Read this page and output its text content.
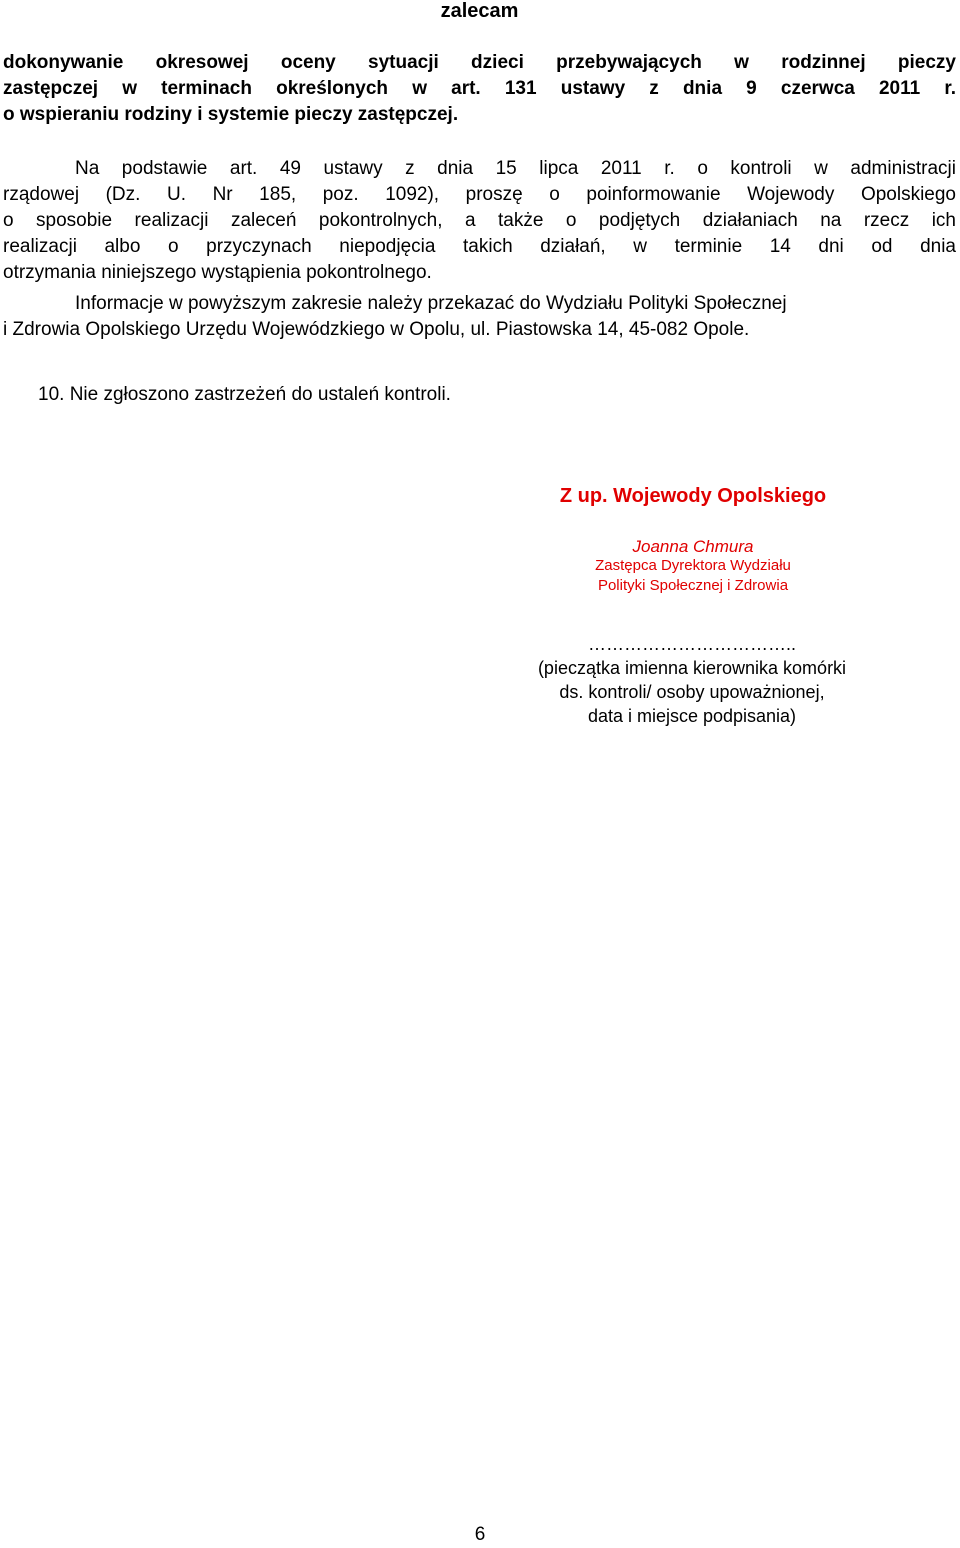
zalecam
dokonywanie okresowej oceny sytuacji dzieci przebywających w rodzinnej pieczy
zastępczej w terminach określonych w art. 131 ustawy z dnia 9 czerwca 2011 r.
o wspieraniu rodziny i systemie pieczy zastępczej.
Na podstawie art. 49 ustawy z dnia 15 lipca 2011 r. o kontroli w administracji
rządowej (Dz. U. Nr 185, poz. 1092), proszę o poinformowanie Wojewody Opolskiego
o sposobie realizacji zaleceń pokontrolnych, a także o podjętych działaniach na rzecz ich
realizacji albo o przyczynach niepodjęcia takich działań, w terminie 14 dni od dnia
otrzymania niniejszego wystąpienia pokontrolnego.
Informacje w powyższym zakresie należy przekazać do Wydziału Polityki Społecznej
i Zdrowia Opolskiego Urzędu Wojewódzkiego w Opolu, ul. Piastowska 14, 45-082 Opole.
10. Nie zgłoszono zastrzeżeń do ustaleń kontroli.
Z up. Wojewody Opolskiego
Joanna Chmura
Zastępca Dyrektora Wydziału
Polityki Społecznej i Zdrowia
……………………………..
(pieczątka imienna kierownika komórki
ds. kontroli/ osoby upoważnionej,
data i miejsce podpisania)
6
